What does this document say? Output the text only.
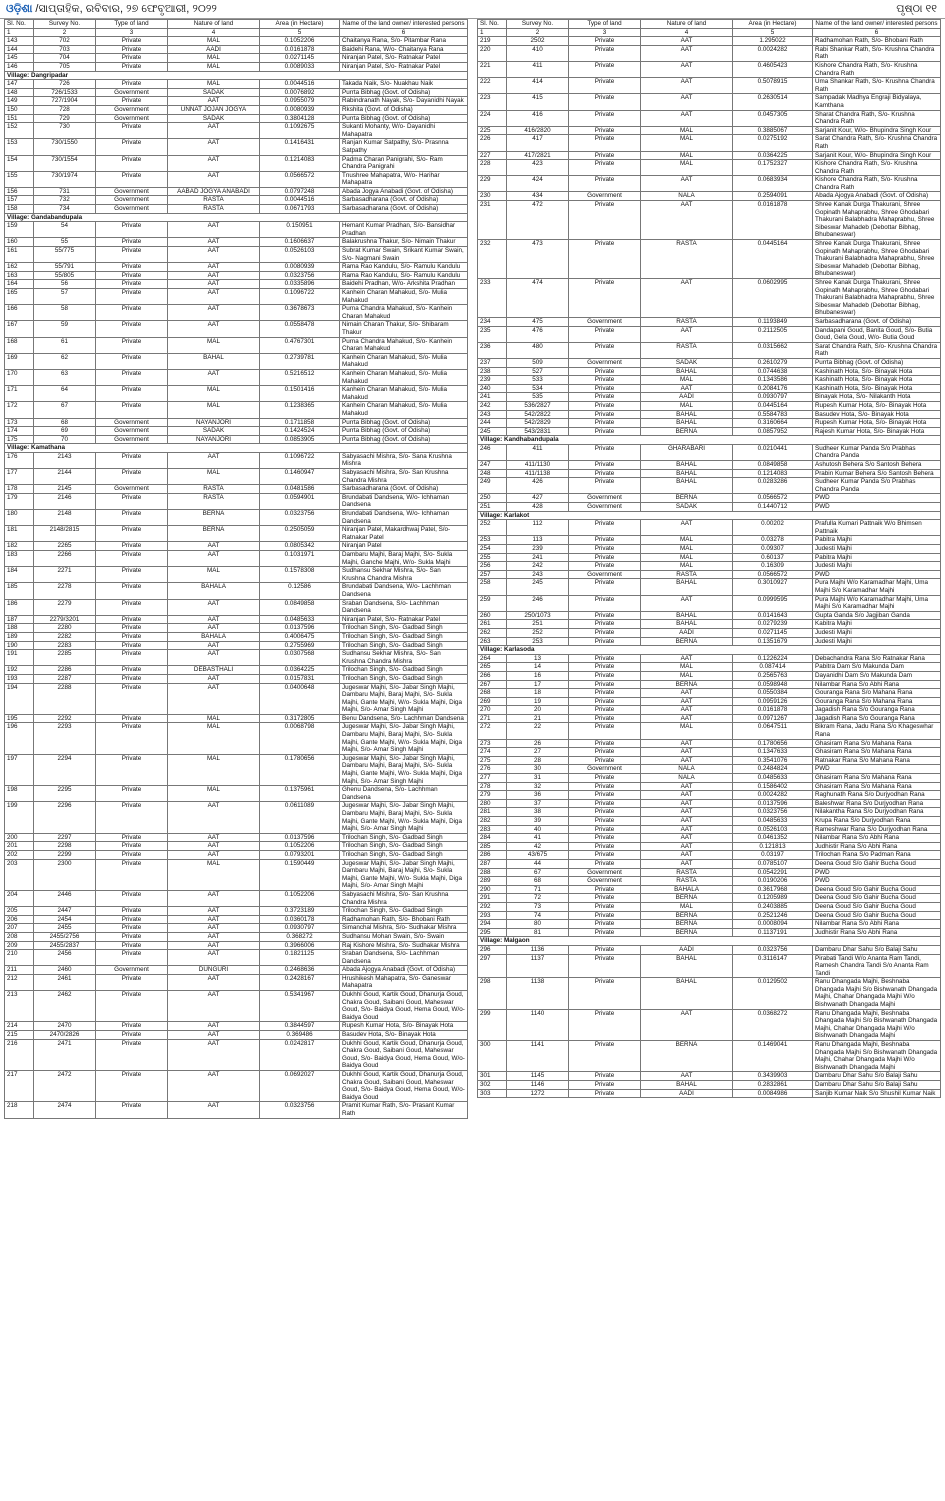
ଓଡ଼ିଶା /ସାପ୍ତାହିକ, ରବିବାର, ୨୭ ଫେବୃଆରୀ, ୨୦୨୨	ପୃଷ୍ଠା ୧୧
Sl. No.	Survey No.	Type of land	Nature of land	Area (in Hectare)	Name of the land owner/ interested persons
1	2	3	4	5	6
143	702	Private	MAL	0.1052206	Chaitanya Rana, S/o- Pitambar Rana
144	703	Private	AADI	0.0161878	Baidehi Rana, W/o- Chaitanya Rana
145	704	Private	MAL	0.0271145	Niranjan Patel, S/o- Ratnakar Patel
146	705	Private	MAL	0.0089033	Niranjan Patel, S/o- Ratnakar Patel
Village: Dangripadar					
147	726	Private	MAL	0.0044516	Takada Naik, S/o- Nuakhau Naik
148	726/1533	Government	SADAK	0.0076892	Purrta Bibhag (Govt. of Odisha)
149	727/1904	Private	AAT	0.0955079	Rabindranath Nayak, S/o- Dayanidhi Nayak
150	728	Government	UNNAT JOJAN JOGYA	0.0080939	Rkshita (Govt. of Odisha)
151	729	Government	SADAK	0.3804128	Purrta Bibhag (Govt. of Odisha)
152	730	Private	AAT	0.1092675	Sukanti Mohanty, W/o- Dayanidhi Mahapatra
153	730/1550	Private	AAT	0.1416431	Ranjan Kumar Satpathy, S/o- Prasnna Satpathy
154	730/1554	Private	AAT	0.1214083	Padma Charan Panigrahi, S/o- Ram Chandra Panigrahi
155	730/1974	Private	AAT	0.0566572	Tnushree Mahapatra, W/o- Harihar Mahapatra
156	731	Government	AABAD JOGYA ANABADI	0.0797248	Abada Jogya Anabadi (Govt. of Odisha)
157	732	Government	RASTA	0.0044516	Sarbasadharana (Govt. of Odisha)
158	734	Government	RASTA	0.0671793	Sarbasadharana (Govt. of Odisha)
Village: Gandabandupala					
159	54	Private	AAT	0.150951	Hemant Kumar Pradhan, S/o- Bansidhar Pradhan
160	55	Private	AAT	0.1606637	Balakrushna Thakur, S/o- Nimain Thakur
161	55/775	Private	AAT	0.0526103	Subrat Kumar Swain, Srikant Kumar Swain, S/o- Nagmani Swain
162	55/791	Private	AAT	0.0080939	Rama Rao Kandulu, S/o- Ramulu Kandulu
163	55/805	Private	AAT	0.0323756	Rama Rao Kandulu, S/o- Ramulu Kandulu
164	56	Private	AAT	0.0335896	Baidehi Pradhan, W/o- Arkshita Pradhan
165	57	Private	AAT	0.1096722	Kanhein Charan Mahakud, S/o- Mulia Mahakud
166	58	Private	AAT	0.3678673	Purna Chandra Mahakud, S/o- Kanhein Charan Mahakud
167	59	Private	AAT	0.0558478	Nimain Charan Thakur, S/o- Shibaram Thakur
168	61	Private	MAL	0.4767301	Purna Chandra Mahakud, S/o- Kanhein Charan Mahakud
169	62	Private	BAHAL	0.2739781	Kanhein Charan Mahakud, S/o- Mulia Mahakud
170	63	Private	AAT	0.5216512	Kanhein Charan Mahakud, S/o- Mulia Mahakud
171	64	Private	MAL	0.1501416	Kanhein Charan Mahakud, S/o- Mulia Mahakud
172	67	Private	MAL	0.1238365	Kanhein Charan Mahakud, S/o- Mulia Mahakud
173	68	Government	NAYANJORI	0.1711858	Purrta Bibhag (Govt. of Odisha)
174	69	Government	SADAK	0.1424524	Purrta Bibhag (Govt. of Odisha)
175	70	Government	NAYANJORI	0.0853905	Purrta Bibhag (Govt. of Odisha)
Village: Kamathana					
176	2143	Private	AAT	0.1096722	Sabyasachi Mishra, S/o- Sana Krushna Mishra
177	2144	Private	MAL	0.1460947	Sabyasachi Mishra, S/o- San Krushna Chandra Mishra
178	2145	Government	RASTA	0.0481586	Sarbasadharana (Govt. of Odisha)
179	2146	Private	RASTA	0.0594901	Brundabati Dandsena, W/o- Ichhaman Dandsena
180	2148	Private	BERNA	0.0323756	Brundabati Dandsena, W/o- Ichhaman Dandsena
181	2148/2815	Private	BERNA	0.2505059	Niranjan Patel, Makardhwaj Patel, S/o- Ratnakar Patel
182	2265	Private	AAT	0.0805342	Niranjan Patel
183	2266	Private	AAT	0.1031971	Dambaru Majhi, Baraj Majhi, S/o- Sukla Majhi, Ganche Majhi, W/o- Sukla Majhi
184	2271	Private	MAL	0.1578308	Sudhansu Sekhar Mishra, S/o- San Krushna Chandra Mishra
185	2278	Private	BAHALA	0.12586	Brundabati Dandsena, W/o- Lachhman Dandsena
186	2279	Private	AAT	0.0849858	Sraban Dandsena, S/o- Lachhman Dandsena
187	2279/3201	Private	AAT	0.0485633	Niranjan Patel, S/o- Ratnakar Patel
188	2280	Private	AAT	0.0137596	Trilochan Singh, S/o- Gadbad Singh
189	2282	Private	BAHALA	0.4006475	Trilochan Singh, S/o- Gadbad Singh
190	2283	Private	AAT	0.2755969	Trilochan Singh, S/o- Gadbad Singh
191	2285	Private	AAT	0.0307568	Sudhansu Sekhar Mishra, S/o- San Krushna Chandra Mishra
192	2286	Private	DEBASTHALI	0.0364225	Trilochan Singh, S/o- Gadbad Singh
193	2287	Private	AAT	0.0157831	Trilochan Singh, S/o- Gadbad Singh
194	2288	Private	AAT	0.0400648	Jugeswar Majhi, S/o- Jabar Singh Majhi, Dambaru Majhi, Baraj Majhi, S/o- Sukla Majhi, Gante Majhi, W/o- Sukla Majhi, Diga Majhi, S/o- Amar Singh Majhi
195	2292	Private	MAL	0.3172805	Benu Dandsena, S/o- Lachhman Dandsena
196	2293	Private	MAL	0.0068798	Jugeswar Majhi, S/o- Jabar Singh Majhi, Dambaru Majhi, Baraj Majhi, S/o- Sukla Majhi, Gante Majhi, W/o- Sukla Majhi, Diga Majhi, S/o- Amar Singh Majhi
197	2294	Private	MAL	0.1780656	Jugeswar Majhi, S/o- Jabar Singh Majhi, Dambaru Majhi, Baraj Majhi, S/o- Sukla Majhi, Gante Majhi, W/o- Sukla Majhi, Diga Majhi, S/o- Amar Singh Majhi
198	2295	Private	MAL	0.1375961	Ghenu Dandsena, S/o- Lachhman Dandsena
199	2296	Private	AAT	0.0611089	Jugeswar Majhi, S/o- Jabar Singh Majhi, Dambaru Majhi, Baraj Majhi, S/o- Sukla Majhi, Gante Majhi, W/o- Sukla Majhi, Diga Majhi, S/o- Amar Singh Majhi
200	2297	Private	AAT	0.0137596	Trilochan Singh, S/o- Gadbad Singh
201	2298	Private	AAT	0.1052206	Trilochan Singh, S/o- Gadbad Singh
202	2299	Private	AAT	0.0793201	Trilochan Singh, S/o- Gadbad Singh
203	2300	Private	MAL	0.1590449	Jugeswar Majhi, S/o- Jabar Singh Majhi, Dambaru Majhi, Baraj Majhi, S/o- Sukla Majhi, Gante Majhi, W/o- Sukla Majhi, Diga Majhi, S/o- Amar Singh Majhi
204	2446	Private	AAT	0.1052206	Sabyasachi Mishra, S/o- San Krushna Chandra Mishra
205	2447	Private	AAT	0.3723189	Trilochan Singh, S/o- Gadbad Singh
206	2454	Private	AAT	0.0360178	Radhamohan Rath, S/o- Bhobani Rath
207	2455	Private	AAT	0.0930797	Simanchal Mishra, S/o- Sudhakar Mishra
208	2455/2756	Private	AAT	0.368272	Sudhansu Mohan Swain, S/o- Swain
209	2455/2837	Private	AAT	0.3966006	Raj Kishore Mishra, S/o- Sudhakar Mishra
210	2456	Private	AAT	0.1821125	Sraban Dandsena, S/o- Lachhman Dandsena
211	2460	Government	DUNGURI	0.2468636	Abada Ajogya Anabadi (Govt. of Odisha)
212	2461	Private	AAT	0.2428167	Hrushikesh Mahapatra, S/o- Ganeswar Mahapatra
213	2462	Private	AAT	0.5341967	Dukhhi Goud, Kartik Goud, Dhanurja Goud, Chakra Goud, Saibani Goud, Maheswar Goud, S/o- Baidya Goud, Hema Goud, W/o- Baidya Goud
214	2470	Private	AAT	0.3844597	Rupesh Kumar Hota, S/o- Binayak Hota
215	2470/2826	Private	AAT	0.369486	Basudev Hota, S/o- Binayak Hota
216	2471	Private	AAT	0.0242817	Dukhhi Goud, Kartik Goud, Dhanurja Goud, Chakra Goud, Saibani Goud, Maheswar Goud, S/o- Baidya Goud, Hema Goud, W/o- Baidya Goud
217	2472	Private	AAT	0.0692027	Dukhhi Goud, Kartik Goud, Dhanurja Goud, Chakra Goud, Saibani Goud, Maheswar Goud, S/o- Baidya Goud, Hema Goud, W/o- Baidya Goud
218	2474	Private	AAT	0.0323756	Pramit Kumar Rath, S/o- Prasant Kumar Rath
Sl. No.	Survey No.	Type of land	Nature of land	Area (in Hectare)	Name of the land owner/ interested persons
1	2	3	4	5	6
219	2502	Private	AAT	1.295022	Radhamohan Rath, S/o- Bhobani Rath
220	410	Private	AAT	0.0024282	Rabi Shankar Rath, S/o- Krushna Chandra Rath
221	411	Private	AAT	0.4605423	Kishore Chandra Rath, S/o- Krushna Chandra Rath
222	414	Private	AAT	0.5078915	Uma Shankar Rath, S/o- Krushna Chandra Rath
223	415	Private	AAT	0.2630514	Sampadak Madhya Engraji Bidyalaya, Kamthana
224	416	Private	AAT	0.0457305	Sharat Chandra Rath, S/o- Krushna Chandra Rath
225	416/2820	Private	MAL	0.3885067	Sarjanit Kour, W/o- Bhupindra Singh Kour
226	417	Private	MAL	0.0275192	Sarat Chandra Rath, S/o- Krushna Chandra Rath
227	417/2821	Private	MAL	0.0364225	Sarjanit Kour, W/o- Bhupindra Singh Kour
228	423	Private	MAL	0.1752327	Kishore Chandra Rath, S/o- Krushna Chandra Rath
229	424	Private	AAT	0.0683934	Kishore Chandra Rath, S/o- Krushna Chandra Rath
230	434	Government	NALA	0.2594091	Abada Ajogya Anabadi (Govt. of Odisha)
231	472	Private	AAT	0.0161878	Shree Kanak Durga Thakurani, Shree Gopinath Mahaprabhu, Shree Ghodabari Thakurani Balabhadra Mahaprabhu, Shree Sibeswar Mahadeb (Debottar Bibhag, Bhubaneswar)
232	473	Private	RASTA	0.0445164	Shree Kanak Durga Thakurani, Shree Gopinath Mahaprabhu, Shree Ghodabari Thakurani Balabhadra Mahaprabhu, Shree Sibeswar Mahadeb (Debottar Bibhag, Bhubaneswar)
233	474	Private	AAT	0.0602995	Shree Kanak Durga Thakurani, Shree Gopinath Mahaprabhu, Shree Ghodabari Thakurani Balabhadra Mahaprabhu, Shree Sibeswar Mahadeb (Debottar Bibhag, Bhubaneswar)
234	475	Government	RASTA	0.1193849	Sarbasadharana (Govt. of Odisha)
235	476	Private	AAT	0.2112505	Dandapani Goud, Banita Goud, S/o- Butia Goud, Gela Goud, W/o- Butia Goud
236	480	Private	RASTA	0.0315662	Sarat Chandra Rath, S/o- Krushna Chandra Rath
237	509	Government	SADAK	0.2610279	Purrta Bibhag (Govt. of Odisha)
238	527	Private	BAHAL	0.0744638	Kashinath Hota, S/o- Binayak Hota
239	533	Private	MAL	0.1343586	Kashinath Hota, S/o- Binayak Hota
240	534	Private	AAT	0.2084176	Kashinath Hota, S/o- Binayak Hota
241	535	Private	AADI	0.0930797	Binayak Hota, S/o- Nilakanth Hota
242	536/2827	Private	MAL	0.0445164	Rupesh Kumar Hota, S/o- Binayak Hota
243	542/2822	Private	BAHAL	0.5584783	Basudev Hota, S/o- Binayak Hota
244	542/2829	Private	BAHAL	0.3160664	Rupesh Kumar Hota, S/o- Binayak Hota
245	543/2831	Private	BERNA	0.0857952	Rajesh Kumar Hota, S/o- Binayak Hota
Village: Kandhabandupala					
246	411	Private	GHARABARI	0.0210441	Sudheer Kumar Panda S/o Prabhas Chandra Panda
247	411/1130	Private	BAHAL	0.0849858	Ashutosh Behera S/o Santosh Behera
248	411/1138	Private	BAHAL	0.1214083	Prabin Kumar Behera S/o Santosh Behera
249	426	Private	BAHAL	0.0283286	Sudheer Kumar Panda S/o Prabhas Chandra Panda
250	427	Government	BERNA	0.0566572	PWD
251	428	Government	SADAK	0.1440712	PWD
Village: Karlakot					
252	112	Private	AAT	0.00202	Prafulla Kumari Pattnaik W/o Bhimsen Pattnaik
253	113	Private	MAL	0.03278	Pabitra Majhi
254	239	Private	MAL	0.09307	Judesti Majhi
255	241	Private	MAL	0.60137	Pabitra Majhi
256	242	Private	MAL	0.16309	Judesti Majhi
257	243	Government	RASTA	0.0566572	PWD
258	245	Private	BAHAL	0.3010927	Pura Majhi W/o Karamadhar Majhi, Uma Majhi S/o Karamadhar Majhi
259	246	Private	AAT	0.0999595	Pura Majhi W/o Karamadhar Majhi, Uma Majhi S/o Karamadhar Majhi
260	250/1073	Private	BAHAL	0.0141643	Gupta Ganda S/o Jagjiban Ganda
261	251	Private	BAHAL	0.0279239	Kabitra Majhi
262	252	Private	AADI	0.0271145	Judesti Majhi
263	253	Private	BERNA	0.1351679	Judesti Majhi
Village: Karlasoda					
264	13	Private	AAT	0.1226224	Debachandra Rana S/o Ratnakar Rana
265	14	Private	MAL	0.087414	Pabitra Dam S/o Makunda Dam
266	16	Private	MAL	0.2565763	Dayanidhi Dam S/o Makunda Dam
267	17	Private	BERNA	0.0598948	Nilambar Rana S/o Abhi Rana
268	18	Private	AAT	0.0550384	Gouranga Rana S/o Mahana Rana
269	19	Private	AAT	0.0959126	Gouranga Rana S/o Mahana Rana
270	20	Private	AAT	0.0161878	Jagadish Rana S/o Gouranga Rana
271	21	Private	AAT	0.0971267	Jagadish Rana S/o Gouranga Rana
272	22	Private	MAL	0.0647511	Bikram Rana, Jadu Rana S/o Khageswhar Rana
273	26	Private	AAT	0.1780656	Ghasiram Rana S/o Mahana Rana
274	27	Private	AAT	0.1347633	Ghasiram Rana S/o Mahana Rana
275	28	Private	AAT	0.3541076	Ratnakar Rana S/o Mahana Rana
276	30	Government	NALA	0.2484824	PWD
277	31	Private	NALA	0.0485633	Ghasiram Rana S/o Mahana Rana
278	32	Private	AAT	0.1586402	Ghasiram Rana S/o Mahana Rana
279	36	Private	AAT	0.0024282	Raghunath Rana S/o Durjyodhan Rana
280	37	Private	AAT	0.0137596	Baleshwar Rana S/o Durjyodhan Rana
281	38	Private	AAT	0.0323756	Nilakantha Rana S/o Durjyodhan Rana
282	39	Private	AAT	0.0485633	Krupa Rana S/o Durjyodhan Rana
283	40	Private	AAT	0.0526103	Rameshwar Rana S/o Durjyodhan Rana
284	41	Private	AAT	0.0461352	Nilambar Rana S/o Abhi Rana
285	42	Private	AAT	0.121813	Judhistir Rana S/o Abhi Rana
286	43/675	Private	AAT	0.03197	Trilochan Rana S/o Padman Rana
287	44	Private	AAT	0.0785107	Deena Goud S/o Gahir Bucha Goud
288	67	Government	RASTA	0.0542291	PWD
289	68	Government	RASTA	0.0190206	PWD
290	71	Private	BAHALA	0.3617968	Deena Goud S/o Gahir Bucha Goud
291	72	Private	BERNA	0.1205989	Deena Goud S/o Gahir Bucha Goud
292	73	Private	MAL	0.2403885	Deena Goud S/o Gahir Bucha Goud
293	74	Private	BERNA	0.2521246	Deena Goud S/o Gahir Bucha Goud
294	80	Private	BERNA	0.0008094	Nilambar Rana S/o Abhi Rana
295	81	Private	BERNA	0.1137191	Judhistir Rana S/o Abhi Rana
Village: Malgaon					
296	1136	Private	AADI	0.0323756	Dambaru Dhar Sahu S/o Balaji Sahu
297	1137	Private	BAHAL	0.3116147	Pirabati Tandi W/o Ananta Ram Tandi, Ramesh Chandra Tandi S/o Ananta Ram Tandi
298	1138	Private	BAHAL	0.0129502	Ranu Dhangada Majhi, Beshnaba Dhangada Majhi S/o Bishwanath Dhangada Majhi, Chahar Dhangada Majhi W/o Bishwanath Dhangada Majhi
299	1140	Private	AAT	0.0368272	Ranu Dhangada Majhi, Beshnaba Dhangada Majhi S/o Bishwanath Dhangada Majhi, Chahar Dhangada Majhi W/o Bishwanath Dhangada Majhi
300	1141	Private	BERNA	0.1469041	Ranu Dhangada Majhi, Beshnaba Dhangada Majhi S/o Bishwanath Dhangada Majhi, Chahar Dhangada Majhi W/o Bishwanath Dhangada Majhi
301	1145	Private	AAT	0.3439903	Dambaru Dhar Sahu S/o Balaji Sahu
302	1146	Private	BAHAL	0.2832861	Dambaru Dhar Sahu S/o Balaji Sahu
303	1272	Private	AADI	0.0084986	Sanjib Kumar Naik S/o Shushil Kumar Naik
